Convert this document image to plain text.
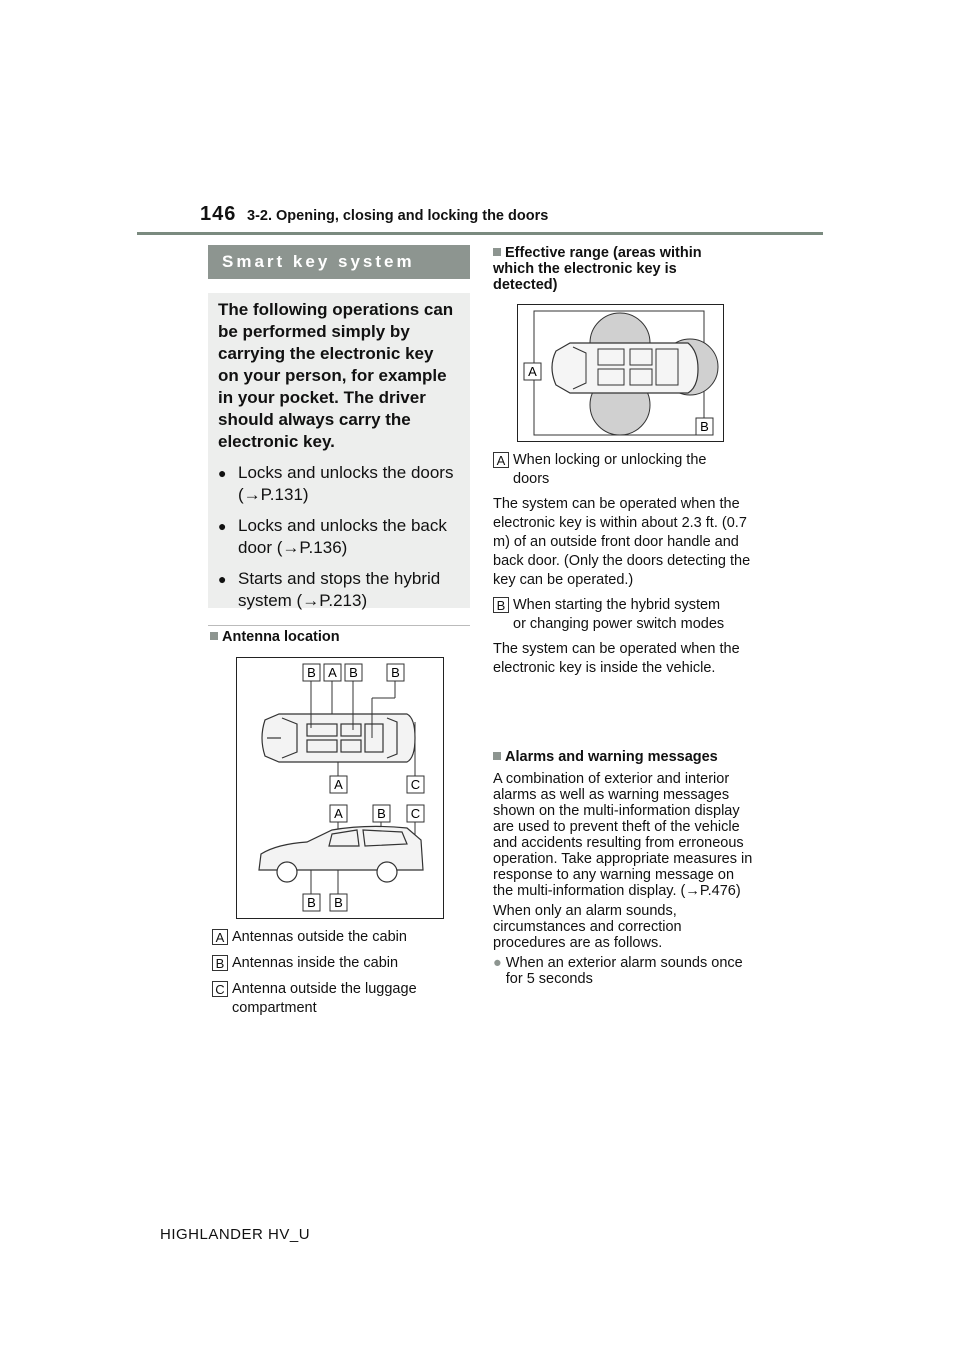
146 3-2. Opening, closing and locking the doors
Smart key system

The following operations can be performed simply by carrying the electronic key on your person, for example in your pocket. The driver should always carry the electronic key.

● Locks and unlocks the doors (→P.131)
● Locks and unlocks the back door (→P.136)
● Starts and stops the hybrid system (→P.213)
Antenna location
B A B	B
A	C
A	B C
B B
A Antennas outside the cabin
B Antennas inside the cabin
C Antenna outside the luggage compartment
Effective range (areas within which the electronic key is detected)
A
B
A When locking or unlocking the doors
The system can be operated when the electronic key is within about 2.3 ft. (0.7 m) of an outside front door handle and back door. (Only the doors detecting the key can be operated.)
B When starting the hybrid system or changing power switch modes
The system can be operated when the electronic key is inside the vehicle.
Alarms and warning messages
A combination of exterior and interior alarms as well as warning messages shown on the multi-information display are used to prevent theft of the vehicle and accidents resulting from erroneous operation. Take appropriate measures in response to any warning message on the multi-information display. (→P.476)
When only an alarm sounds, circumstances and correction procedures are as follows.
● When an exterior alarm sounds once for 5 seconds
HIGHLANDER HV_U
